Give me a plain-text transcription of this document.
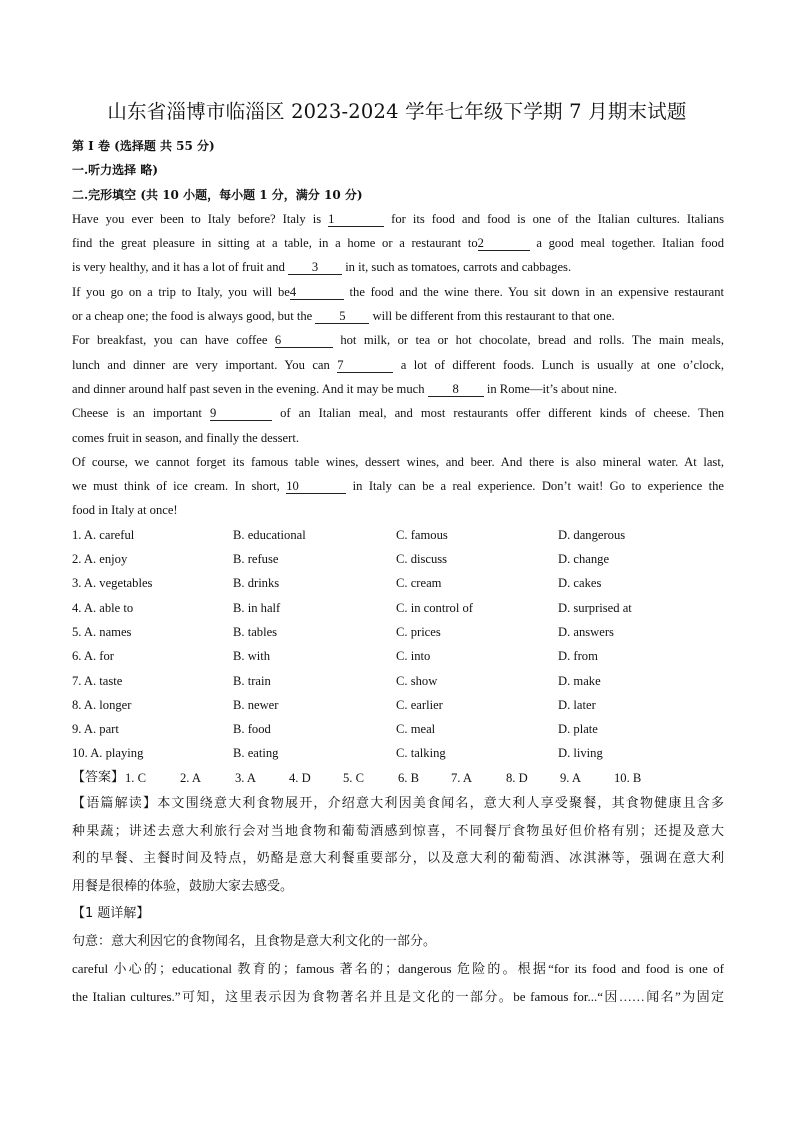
山东省淄博市临淄区 2023-2024 学年七年级下学期 7 月期末试题
第 I 卷 (选择题 共 55 分)
一.听力选择 略)
二.完形填空 (共 10 小题，每小题 1 分，满分 10 分)
Have you ever been to Italy before? Italy is 1	for its food and food is one of the Italian cultures. Italians
find the great pleasure in sitting at a table, in a home or a restaurant to2	a good meal together. Italian food
is very healthy, and it has a lot of fruit and 3 in it, such as tomatoes, carrots and cabbages.
If you go on a trip to Italy, you will be4	the food and the wine there. You sit down in an expensive restaurant
or a cheap one; the food is always good, but the 5 will be different from this restaurant to that one.
For breakfast, you can have coffee 6	hot milk, or tea or hot chocolate, bread and rolls. The main meals,
lunch and dinner are very important. You can 7	a lot of different foods. Lunch is usually at one o’clock,
and dinner around half past seven in the evening. And it may be much 8 in Rome—it’s about nine.
Cheese is an important 9	of an Italian meal, and most restaurants offer different kinds of cheese. Then
comes fruit in season, and finally the dessert.
Of course, we cannot forget its famous table wines, dessert wines, and beer. And there is also mineral water. At last,
we must think of ice cream. In short, 10	in Italy can be a real experience. Don’t wait! Go to experience the
food in Italy at once!
1. A. careful	B. educational	C. famous	D. dangerous
2. A. enjoy	B. refuse	C. discuss	D. change
3. A. vegetables	B. drinks	C. cream	D. cakes
4. A. able to	B. in half	C. in control of	D. surprised at
5. A. names	B. tables	C. prices	D. answers
6. A. for	B. with	C. into	D. from
7. A. taste	B. train	C. show	D. make
8. A. longer	B. newer	C. earlier	D. later
9. A. part	B. food	C. meal	D. plate
10. A. playing	B. eating	C. talking	D. living
【答案】 1. C	2. A	3. A	4. D	5. C	6. B	7. A	8. D	9. A	10. B
【语篇解读】本文围绕意大利食物展开，介绍意大利因美食闻名，意大利人享受聚餐，其食物健康且含多
种果蔬；讲述去意大利旅行会对当地食物和葡萄酒感到惊喜，不同餐厅食物虽好但价格有别；还提及意大
利的早餐、主餐时间及特点，奶酪是意大利餐重要部分，以及意大利的葡萄酒、冰淇淋等，强调在意大利
用餐是很棒的体验，鼓励大家去感受。
【1 题详解】
句意：意大利因它的食物闻名，且食物是意大利文化的一部分。
careful 小心的；educational 教育的；famous 著名的；dangerous 危险的。根据“for its food and food is one of
the Italian cultures.”可知，这里表示因为食物著名并且是文化的一部分。be famous for...“因……闻名”为固定
